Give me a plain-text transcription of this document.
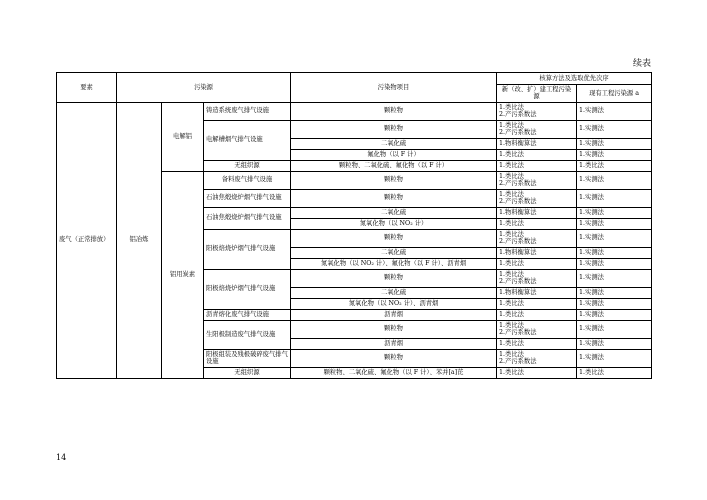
续表
要素	污染源			污染物项目	核算方法及选取优先次序	
					新（改、扩）建工程污染源	现有工程污染源 a
废气（正常排放）	铝冶炼	电解铝	铸造系统废气排气设施	颗粒物	1.类比法
2.产污系数法	1.实测法
			电解槽烟气排气设施	颗粒物	1.类比法
2.产污系数法	1.实测法
				二氧化硫	1.物料衡算法	1.实测法
				氟化物（以 F 计）	1.类比法	1.实测法
			无组织源	颗粒物、二氧化硫、氟化物（以 F 计）	1.类比法	1.类比法
		铝用炭素	备料废气排气设施	颗粒物	1.类比法
2.产污系数法	1.实测法
			石油焦煅烧炉烟气排气设施	颗粒物	1.类比法
2.产污系数法	1.实测法
			石油焦煅烧炉烟气排气设施	二氧化硫	1.物料衡算法	1.实测法
				氮氧化物（以 NO₂ 计）	1.类比法	1.实测法
			阳极焙烧炉烟气排气设施	颗粒物	1.类比法
2.产污系数法	1.实测法
				二氧化硫	1.物料衡算法	1.实测法
				氮氧化物（以 NO₂ 计）、氟化物（以 F 计）、沥青烟	1.类比法	1.实测法
			阳极焙烧炉烟气排气设施	颗粒物	1.类比法
2.产污系数法	1.实测法
				二氧化硫	1.物料衡算法	1.实测法
				氮氧化物（以 NO₂ 计）、沥青烟	1.类比法	1.实测法
			沥青熔化废气排气设施	沥青烟	1.类比法	1.实测法
			生阳极制造废气排气设施	颗粒物	1.类比法
2.产污系数法	1.实测法
				沥青烟	1.类比法	1.实测法
			阳极组装及残极破碎废气排气设施	颗粒物	1.类比法
2.产污系数法	1.实测法
			无组织源	颗粒物、二氧化硫、氟化物（以 F 计）、苯并[a]芘	1.类比法	1.类比法
14
